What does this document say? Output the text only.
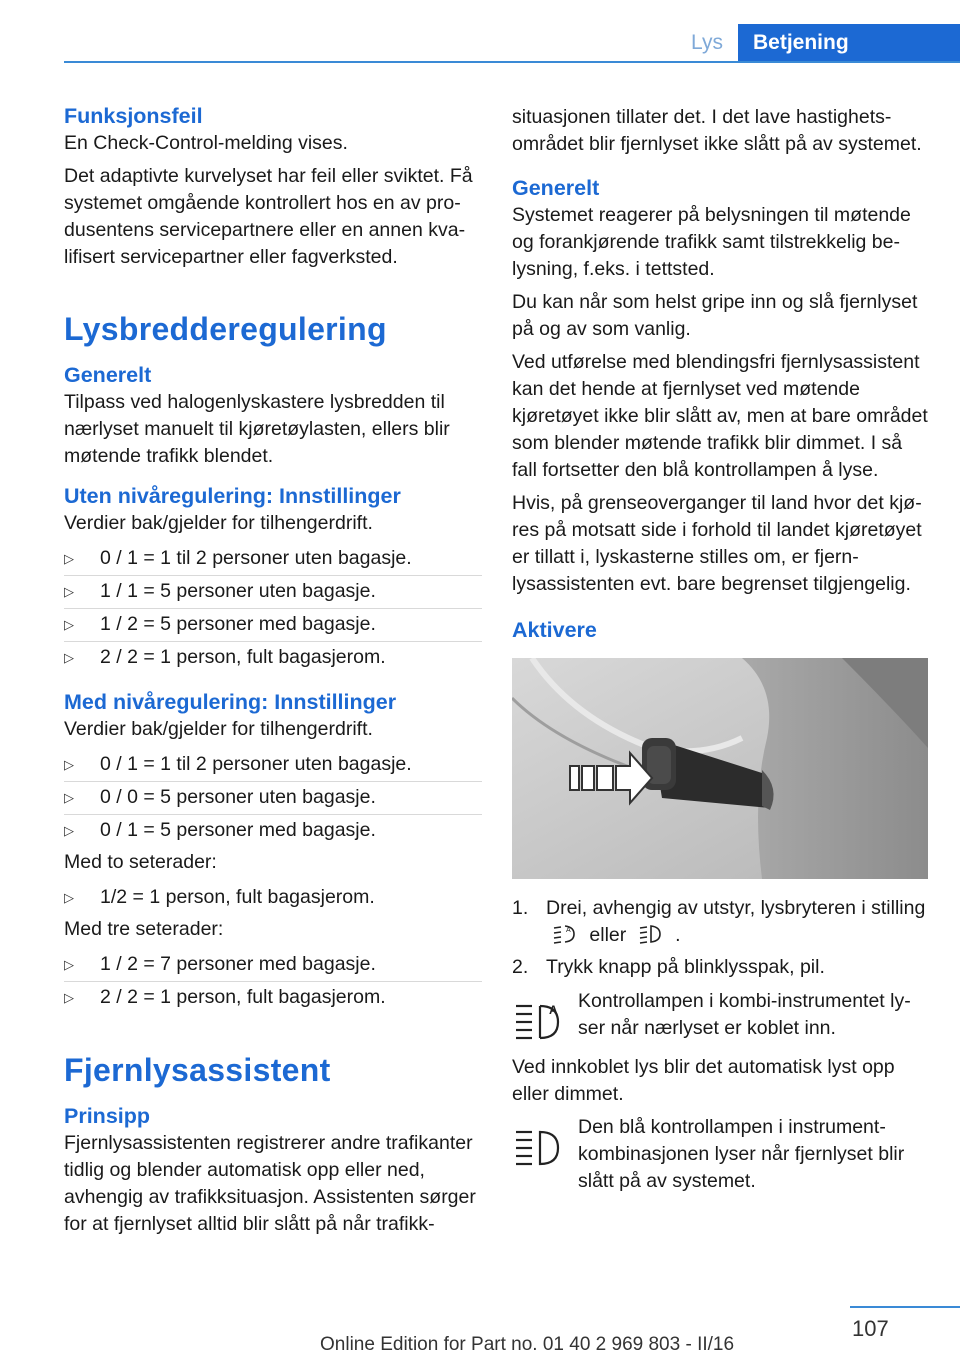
Lys	Betjening
Funksjonsfeil

En Check-Control-melding vises.

Det adaptivte kurvelyset har feil eller sviktet. Få systemet omgående kontrollert hos en av produsentens servicepartnere eller en annen kvalifisert servicepartner eller fagverksted.

Lysbredderegulering
Generelt

Tilpass ved halogenlyskastere lysbredden til nærlyset manuelt til kjøretøylasten, ellers blir møtende trafikk blendet.

Uten nivåregulering: Innstillinger

Verdier bak/gjelder for tilhengerdrift.

▷ 0 / 1 = 1 til 2 personer uten bagasje.
▷ 1 / 1 = 5 personer uten bagasje.
▷ 1 / 2 = 5 personer med bagasje.
▷ 2 / 2 = 1 person, fult bagasjerom.
Med nivåregulering: Innstillinger

Verdier bak/gjelder for tilhengerdrift.

▷ 0 / 1 = 1 til 2 personer uten bagasje.
▷ 0 / 0 = 5 personer uten bagasje.
▷ 0 / 1 = 5 personer med bagasje.

Med to seterader:

▷ 1/2 = 1 person, fult bagasjerom.

Med tre seterader:

▷ 1 / 2 = 7 personer med bagasje.
▷ 2 / 2 = 1 person, fult bagasjerom.
Fjernlysassistent
Prinsipp

Fjernlysassistenten registrerer andre trafikanter tidlig og blender automatisk opp eller ned, avhengig av trafikksituasjon. Assistenten sørger for at fjernlyset alltid blir slått på når trafikk-

situasjonen tillater det. I det lave hastighetsområdet blir fjernlyset ikke slått på av systemet.

Generelt

Systemet reagerer på belysningen til møtende og forankjørende trafikk samt tilstrekkelig belysning, f.eks. i tettsted.

Du kan når som helst gripe inn og slå fjernlyset på og av som vanlig.

Ved utførelse med blendingsfri fjernlysassistent kan det hende at fjernlyset ved møtende kjøretøyet ikke blir slått av, men at bare området som blender møtende trafikk blir dimmet. I så fall fortsetter den blå kontrollampen å lyse.

Hvis, på grenseoverganger til land hvor det kjøres på motsatt side i forhold til landet kjøretøyet er tillatt i, lyskasterne stilles om, er fjernlysassistenten evt. bare begrenset tilgjengelig.

Aktivere
1. Drei, avhengig av utstyr, lysbryteren i stilling
A eller	.
2. Trykk knapp på blinklysspak, pil.
A Kontrollampen i kombi-instrumentet lyser når nærlyset er koblet inn.

Ved innkoblet lys blir det automatisk lyst opp eller dimmet.

Den blå kontrollampen i instrumentkombinasjonen lyser når fjernlyset blir slått på av systemet.
107
Online Edition for Part no. 01 40 2 969 803 - II/16
